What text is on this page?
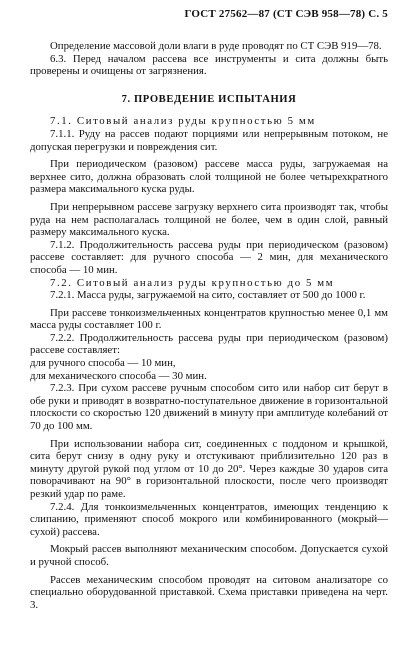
ГОСТ 27562—87 (СТ СЭВ 958—78) С. 5

Определение массовой доли влаги в руде проводят по СТ СЭВ 919—78.

6.3. Перед началом рассева все инструменты и сита должны быть проверены и очищены от загрязнения.

7. ПРОВЕДЕНИЕ ИСПЫТАНИЯ

7.1. Ситовый анализ руды крупностью 5 мм

7.1.1. Руду на рассев подают порциями или непрерывным потоком, не допуская перегрузки и повреждения сит.

При периодическом (разовом) рассеве масса руды, загружаемая на верхнее сито, должна образовать слой толщиной не более четырехкратного размера максимального куска руды.

При непрерывном рассеве загрузку верхнего сита производят так, чтобы руда на нем располагалась толщиной не более, чем в один слой, равный размеру максимального куска.

7.1.2. Продолжительность рассева руды при периодическом (разовом) рассеве составляет: для ручного способа — 2 мин, для механического способа — 10 мин.

7.2. Ситовый анализ руды крупностью до 5 мм

7.2.1. Масса руды, загружаемой на сито, составляет от 500 до 1000 г.

При рассеве тонкоизмельченных концентратов крупностью менее 0,1 мм масса руды составляет 100 г.

7.2.2. Продолжительность рассева руды при периодическом (разовом) рассеве составляет:

для ручного способа — 10 мин,

для механического способа — 30 мин.

7.2.3. При сухом рассеве ручным способом сито или набор сит берут в обе руки и приводят в возвратно-поступательное движение в горизонтальной плоскости со скоростью 120 движений в минуту при амплитуде колебаний от 70 до 100 мм.

При использовании набора сит, соединенных с поддоном и крышкой, сита берут снизу в одну руку и отстукивают приблизительно 120 раз в минуту другой рукой под углом от 10 до 20°. Через каждые 30 ударов сита поворачивают на 90° в горизонтальной плоскости, после чего производят резкий удар по раме.

7.2.4. Для тонкоизмельченных концентратов, имеющих тенденцию к слипанию, применяют способ мокрого или комбинированного (мокрый—сухой) рассева.

Мокрый рассев выполняют механическим способом. Допускается сухой и ручной способ.

Рассев механическим способом проводят на ситовом анализаторе со специально оборудованной приставкой. Схема приставки приведена на черт. 3.
